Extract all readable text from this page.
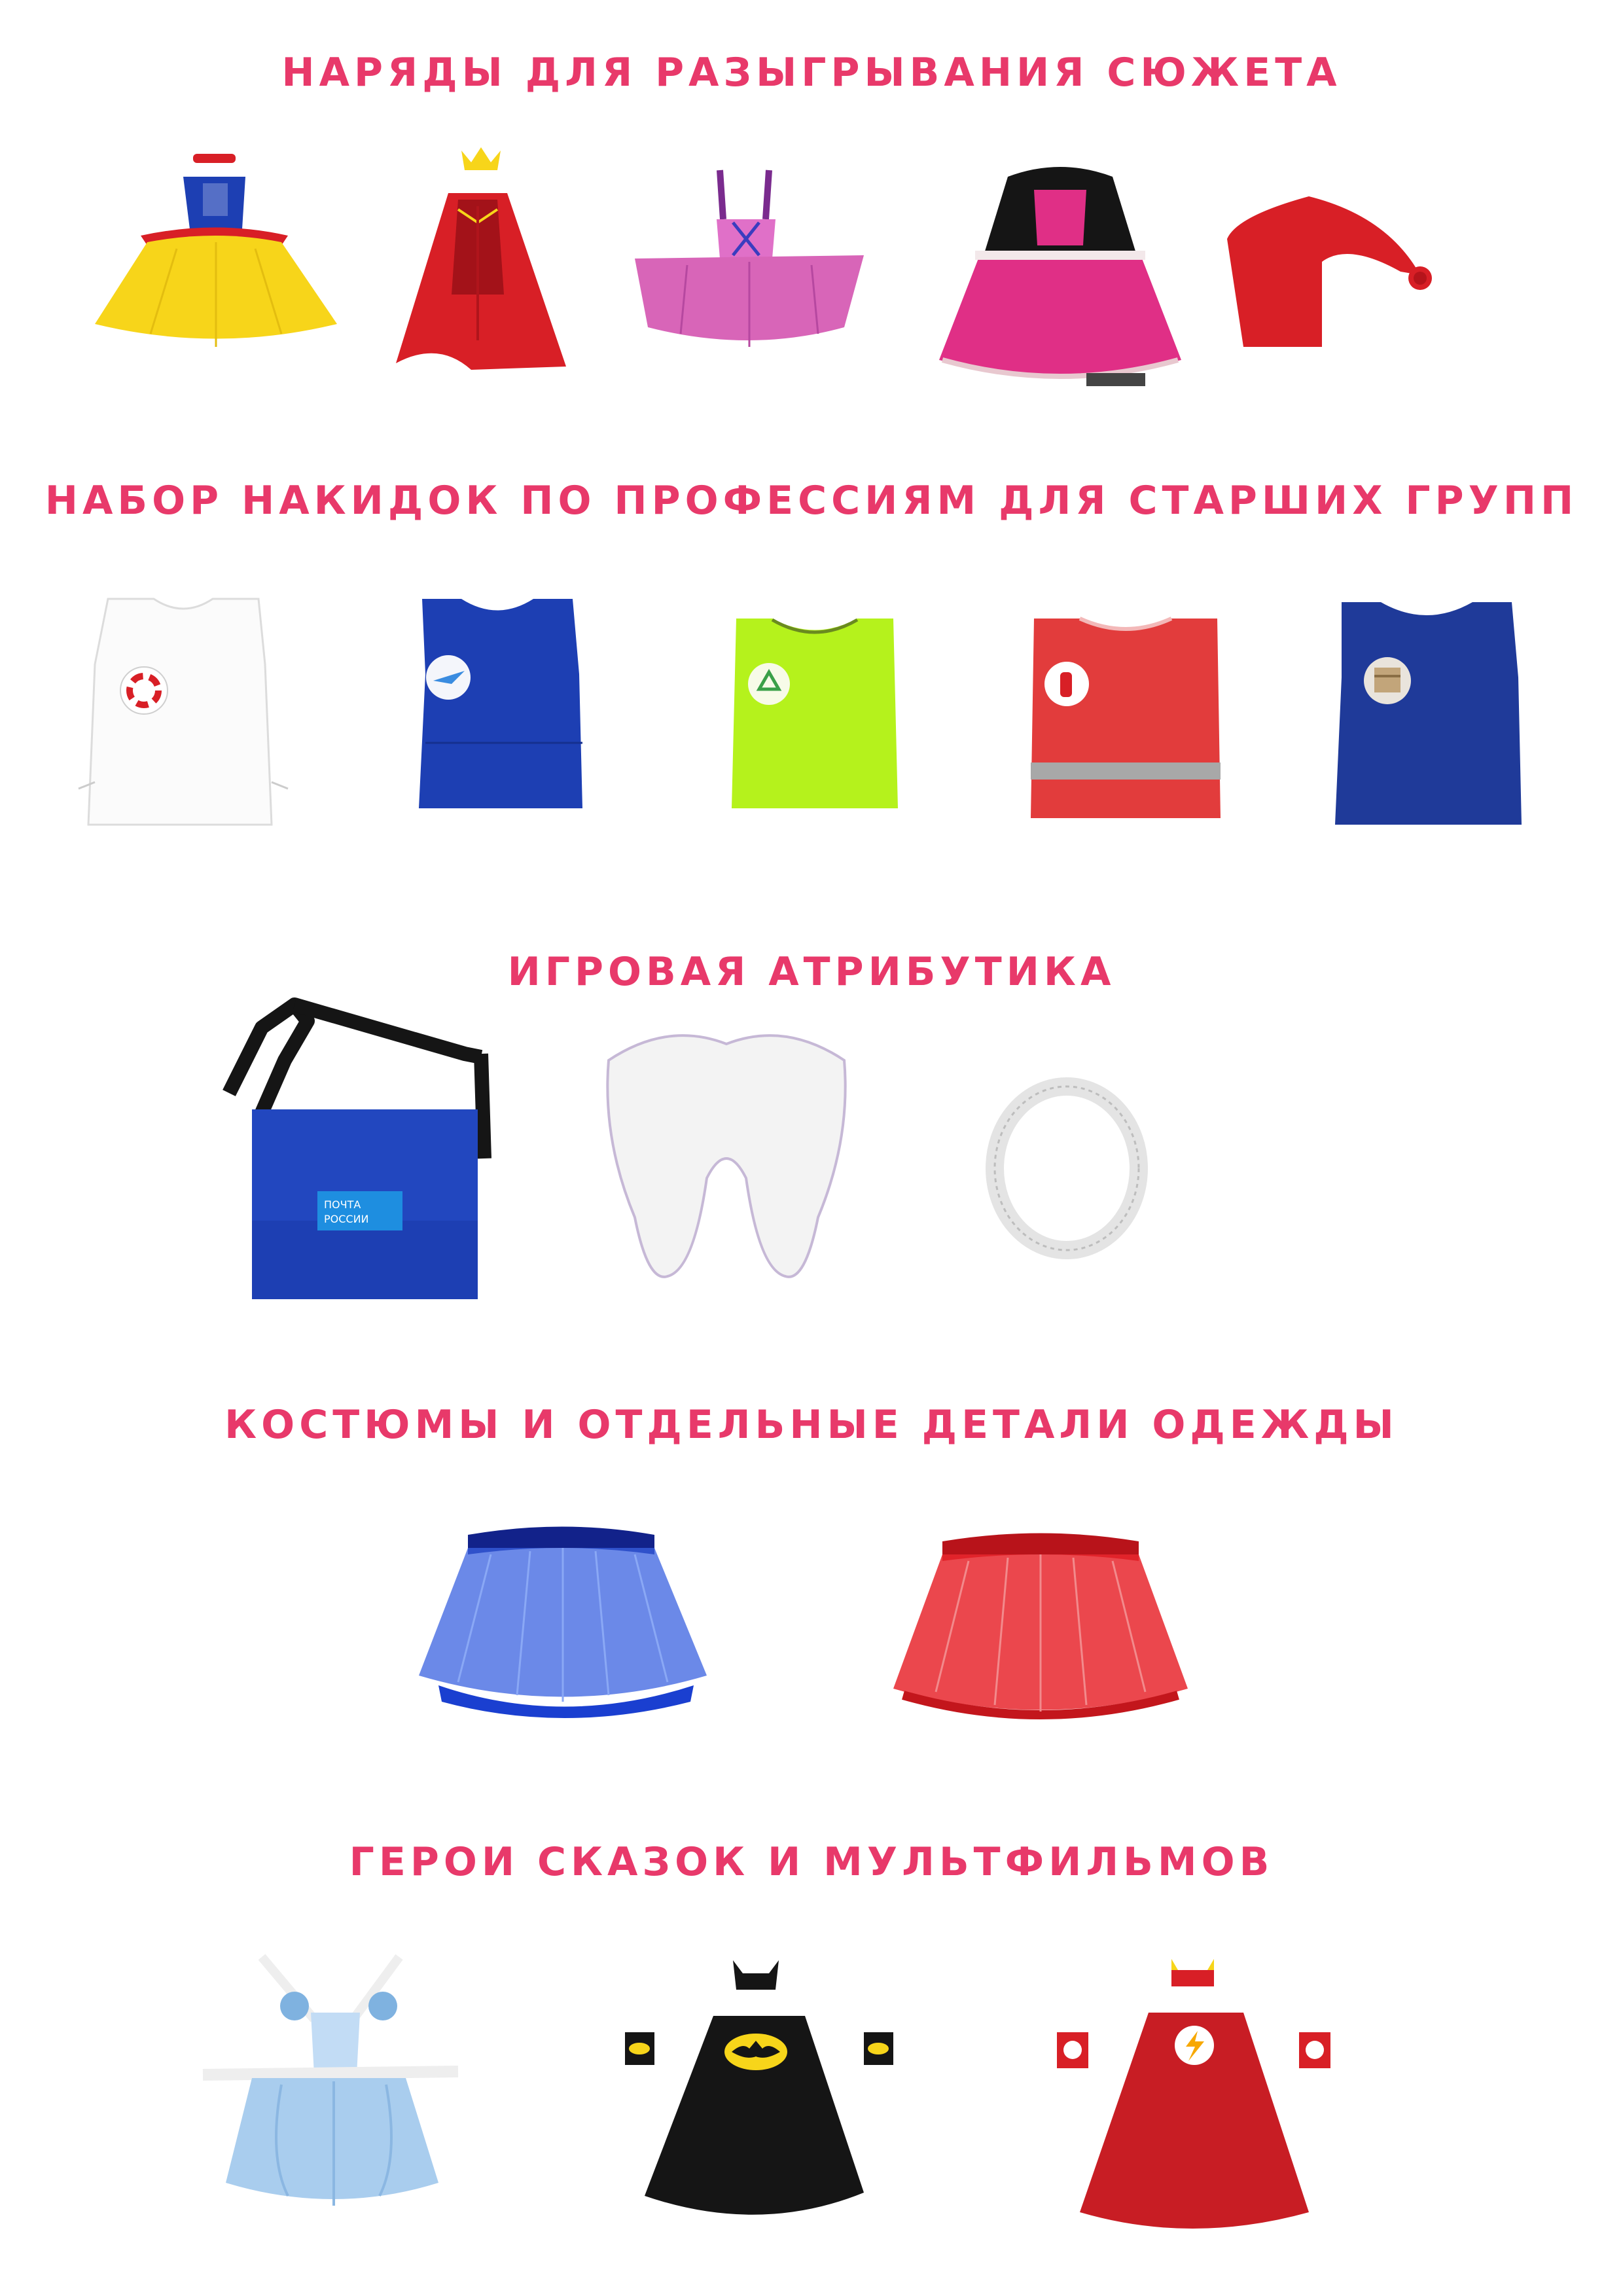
НАРЯДЫ ДЛЯ РАЗЫГРЫВАНИЯ СЮЖЕТА
НАБОР НАКИДОК ПО ПРОФЕССИЯМ ДЛЯ СТАРШИХ ГРУПП
ИГРОВАЯ АТРИБУТИКА
ПОЧТА
РОССИИ
КОСТЮМЫ И ОТДЕЛЬНЫЕ ДЕТАЛИ ОДЕЖДЫ
ГЕРОИ СКАЗОК И МУЛЬТФИЛЬМОВ
